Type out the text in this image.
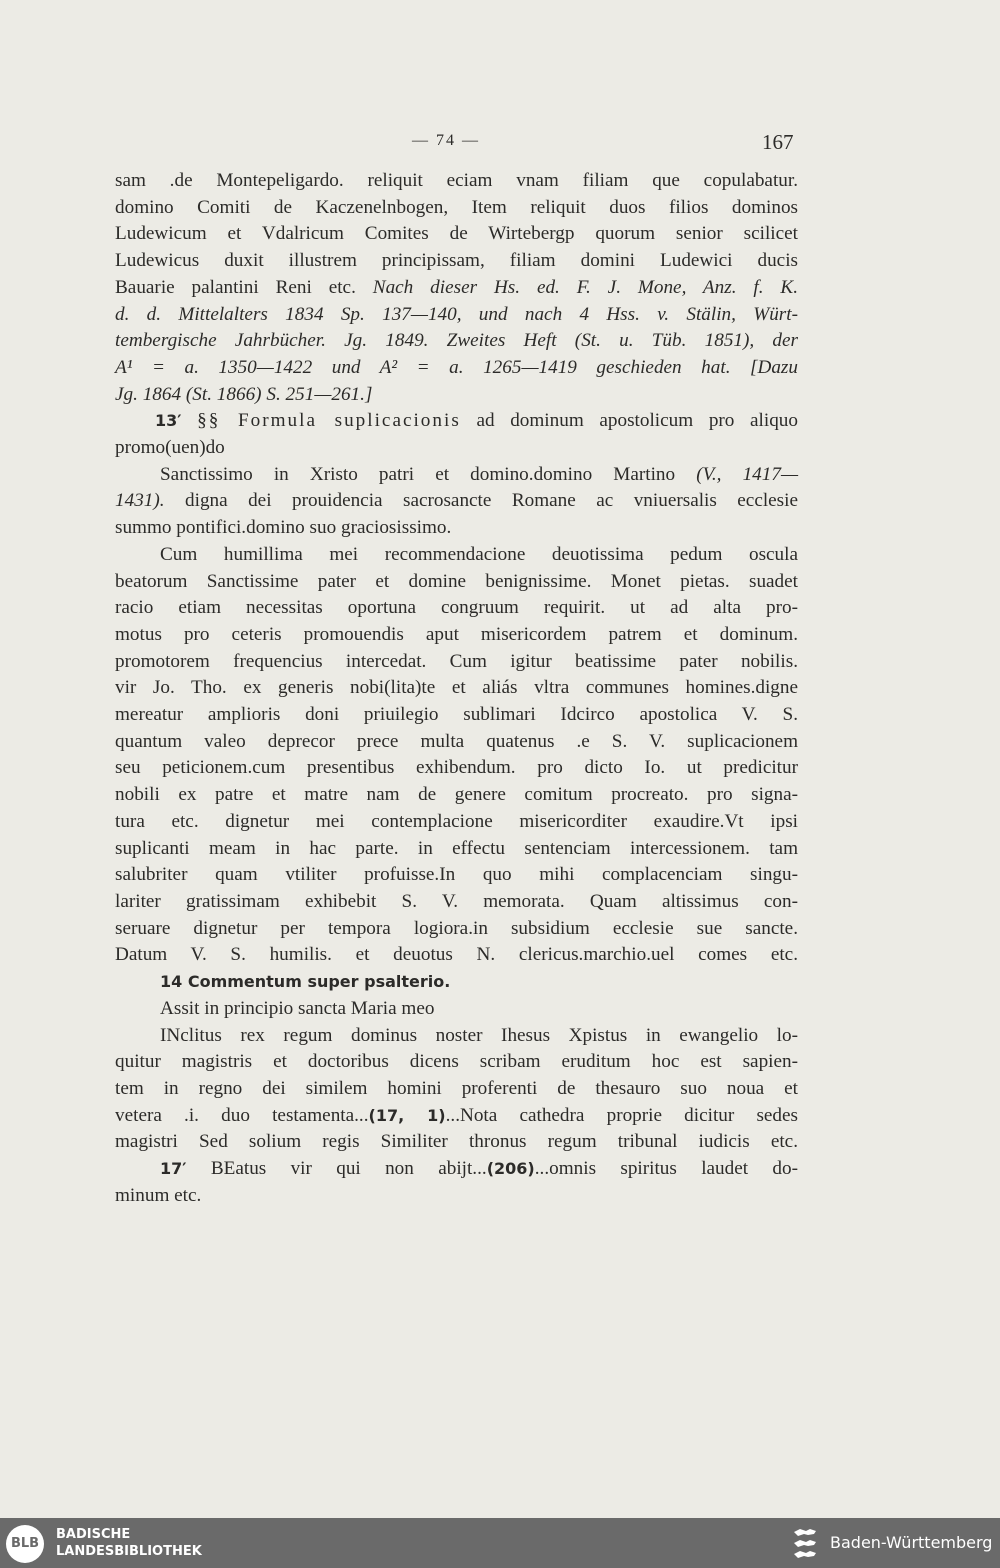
— 74 —	167
sam .de Montepeligardo. reliquit eciam vnam filiam que copulabatur.
domino Comiti de Kaczenelnbogen, Item reliquit duos filios dominos
Ludewicum et Vdalricum Comites de Wirtebergp quorum senior scilicet
Ludewicus duxit illustrem principissam, filiam domini Ludewici ducis
Bauarie palantini Reni etc. Nach dieser Hs. ed. F. J. Mone, Anz. f. K.
d. d. Mittelalters 1834 Sp. 137—140, und nach 4 Hss. v. Stälin, Würt-
tembergische Jahrbücher. Jg. 1849. Zweites Heft (St. u. Tüb. 1851), der
A¹ = a. 1350—1422 und A² = a. 1265—1419 geschieden hat. [Dazu
Jg. 1864 (St. 1866) S. 251—261.]
13′ §§ Formula suplicacionis ad dominum apostolicum pro aliquo
promo(uen)do
Sanctissimo in Xristo patri et domino.domino Martino (V., 1417—
1431). digna dei prouidencia sacrosancte Romane ac vniuersalis ecclesie
summo pontifici.domino suo graciosissimo.
Cum humillima mei recommendacione deuotissima pedum oscula
beatorum Sanctissime pater et domine benignissime. Monet pietas. suadet
racio etiam necessitas oportuna congruum requirit. ut ad alta pro-
motus pro ceteris promouendis aput misericordem patrem et dominum.
promotorem frequencius intercedat. Cum igitur beatissime pater nobilis.
vir Jo. Tho. ex generis nobi(lita)te et aliás vltra communes homines.digne
mereatur amplioris doni priuilegio sublimari Idcirco apostolica V. S.
quantum valeo deprecor prece multa quatenus .e S. V. suplicacionem
seu peticionem.cum presentibus exhibendum. pro dicto Io. ut predicitur
nobili ex patre et matre nam de genere comitum procreato. pro signa-
tura etc. dignetur mei contemplacione misericorditer exaudire.Vt ipsi
suplicanti meam in hac parte. in effectu sentenciam intercessionem. tam
salubriter quam vtiliter profuisse.In quo mihi complacenciam singu-
lariter gratissimam exhibebit S. V. memorata. Quam altissimus con-
seruare dignetur per tempora logiora.in subsidium ecclesie sue sancte.
Datum V. S. humilis. et deuotus N. clericus.marchio.uel comes etc.
14 Commentum super psalterio.
Assit in principio sancta Maria meo
INclitus rex regum dominus noster Ihesus Xpistus in ewangelio lo-
quitur magistris et doctoribus dicens scribam eruditum hoc est sapien-
tem in regno dei similem homini proferenti de thesauro suo noua et
vetera .i. duo testamenta...(17, 1)...Nota cathedra proprie dicitur sedes
magistri Sed solium regis Similiter thronus regum tribunal iudicis etc.
17′ BEatus vir qui non abijt...(206)...omnis spiritus laudet do-
minum etc.
BLB
BADISCHE
LANDESBIBLIOTHEK	Baden-Württemberg
